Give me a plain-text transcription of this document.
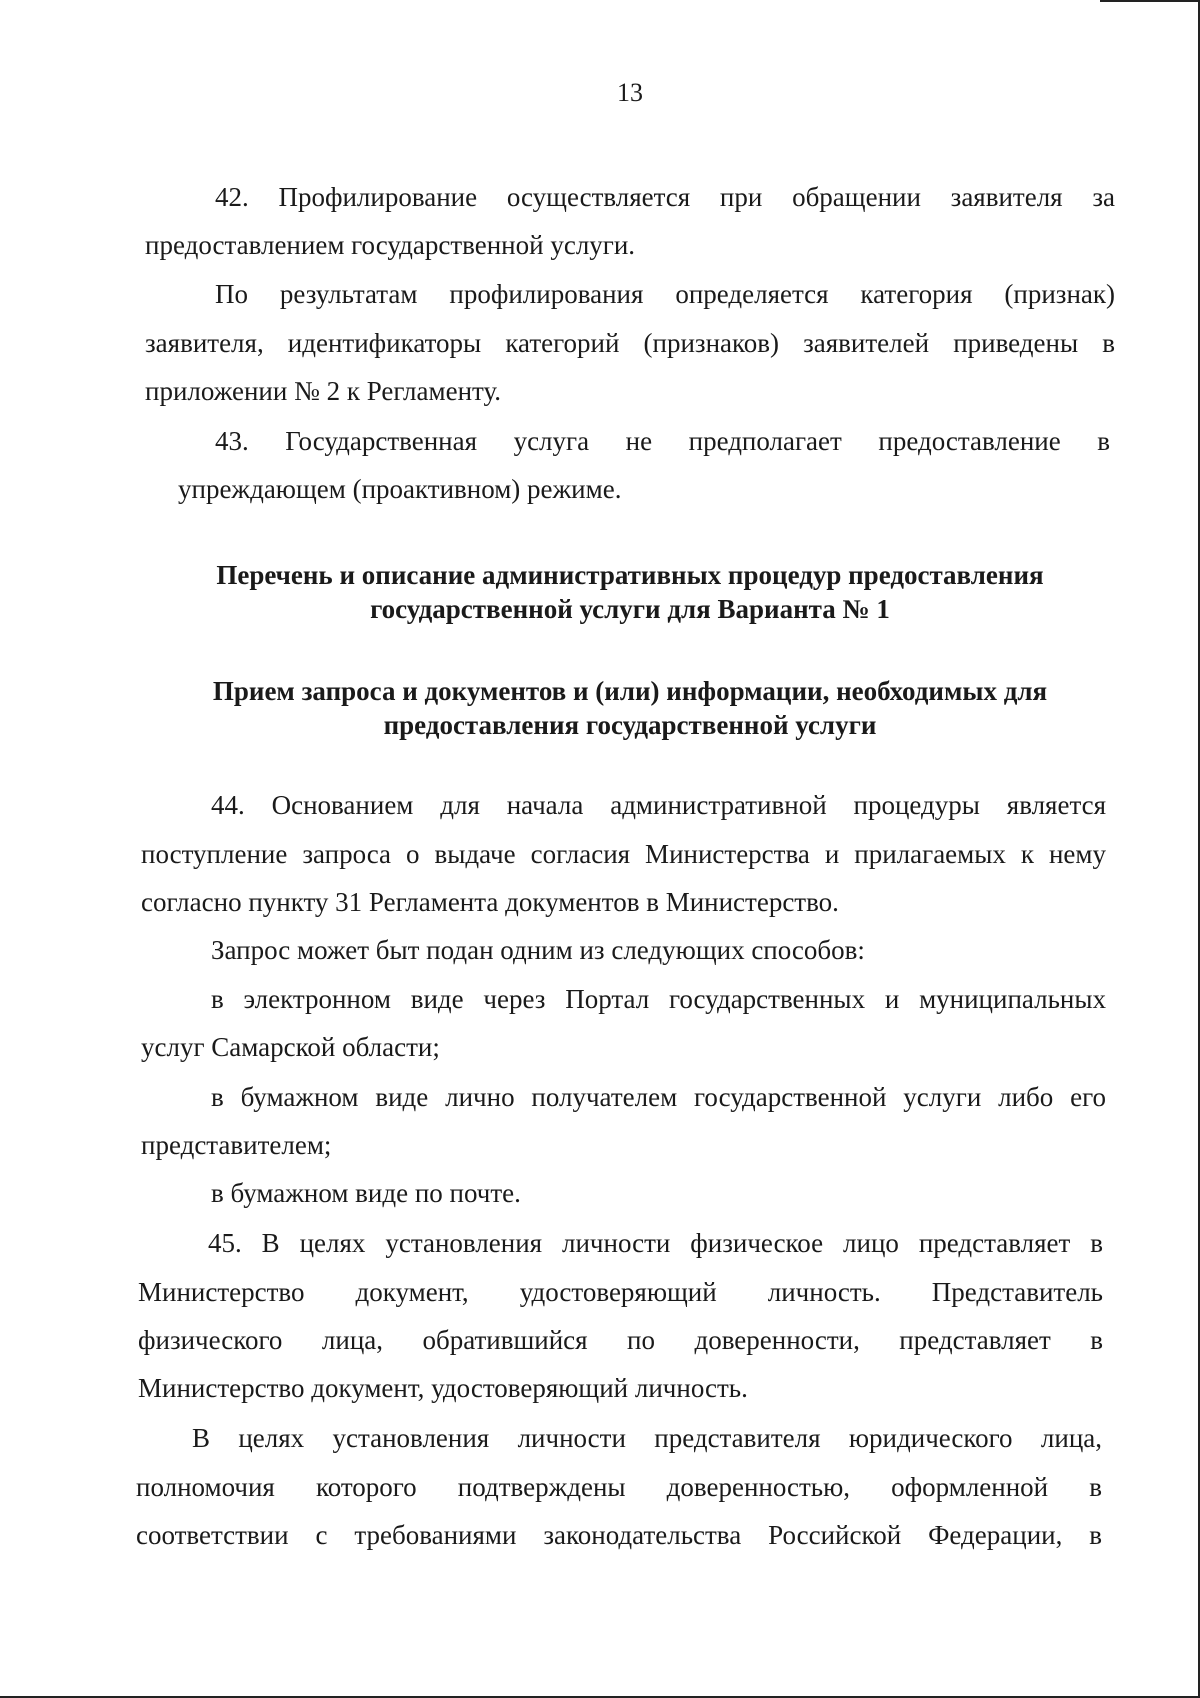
13
42. Профилирование осуществляется при обращении заявителя за
предоставлением государственной услуги.
По результатам профилирования определяется категория (признак)
заявителя, идентификаторы категорий (признаков) заявителей приведены в
приложении № 2 к Регламенту.
43. Государственная услуга не предполагает предоставление в
упреждающем (проактивном) режиме.
Перечень и описание административных процедур предоставления
государственной услуги для Варианта № 1
Прием запроса и документов и (или) информации, необходимых для
предоставления государственной услуги
44. Основанием для начала административной процедуры является
поступление запроса о выдаче согласия Министерства и прилагаемых к нему
согласно пункту 31 Регламента документов в Министерство.
Запрос может быт подан одним из следующих способов:
в электронном виде через Портал государственных и муниципальных
услуг Самарской области;
в бумажном виде лично получателем государственной услуги либо его
представителем;
в бумажном виде по почте.
45. В целях установления личности физическое лицо представляет в
Министерство документ, удостоверяющий личность. Представитель
физического лица, обратившийся по доверенности, представляет в
Министерство документ, удостоверяющий личность.
В целях установления личности представителя юридического лица,
полномочия которого подтверждены доверенностью, оформленной в
соответствии с требованиями законодательства Российской Федерации, в
